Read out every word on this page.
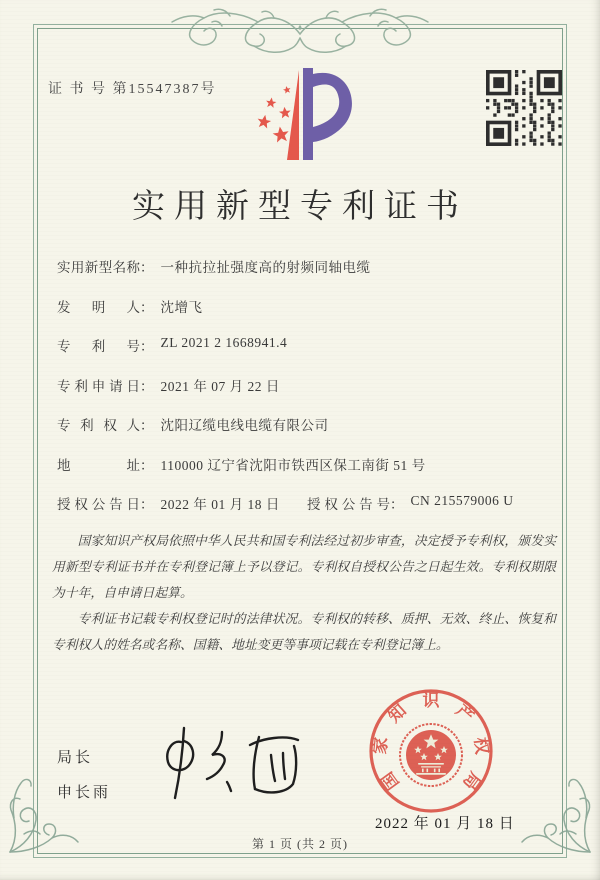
证 书 号 第15547387号
实用新型专利证书
实用新型名称： 一种抗拉扯强度高的射频同轴电缆
发明人： 沈增飞
专利号： ZL 2021 2 1668941.4
专利申请日： 2021 年 07 月 22 日
专利权人： 沈阳辽缆电线电缆有限公司
地址： 110000 辽宁省沈阳市铁西区保工南街 51 号
授权公告日： 2022 年 01 月 18 日	授权公告号： CN 215579006 U

国家知识产权局依照中华人民共和国专利法经过初步审查，决定授予专利权，颁发实用新型专利证书并在专利登记簿上予以登记。专利权自授权公告之日起生效。专利权期限为十年，自申请日起算。

专利证书记载专利权登记时的法律状况。专利权的转移、质押、无效、终止、恢复和专利权人的姓名或名称、国籍、地址变更等事项记载在专利登记簿上。

局长
申长雨	国
家
知
识
产
权
局
2022 年 01 月 18 日
第 1 页 (共 2 页)
